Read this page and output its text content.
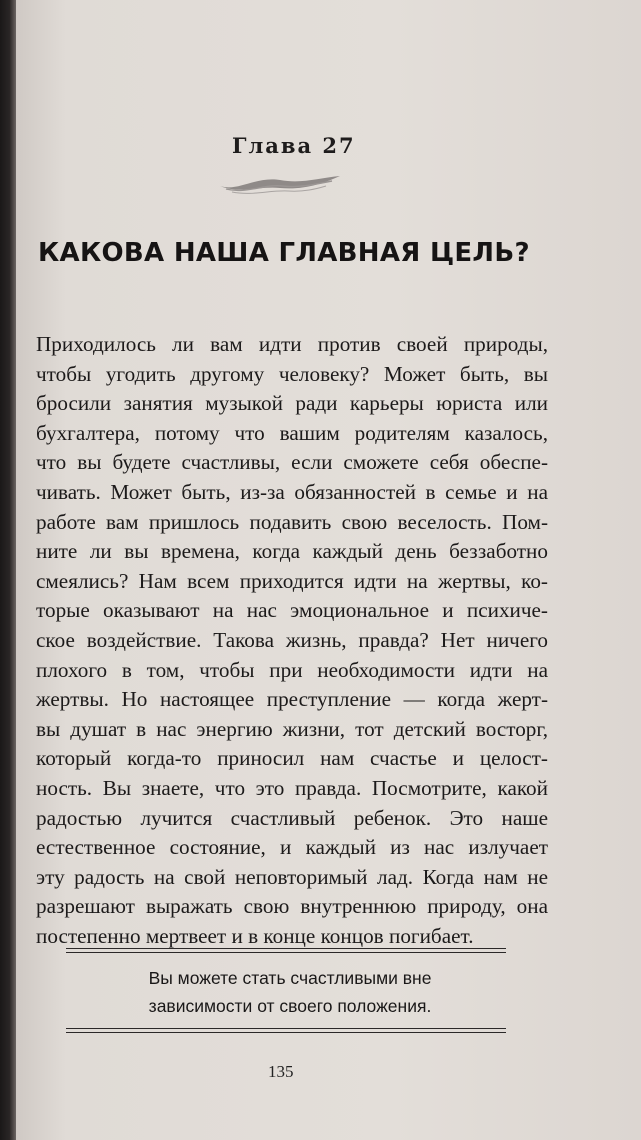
Глава 27
КАКОВА НАША ГЛАВНАЯ ЦЕЛЬ?
Приходилось ли вам идти против своей природы,
чтобы угодить другому человеку? Может быть, вы
бросили занятия музыкой ради карьеры юриста или
бухгалтера, потому что вашим родителям казалось,
что вы будете счастливы, если сможете себя обеспе-
чивать. Может быть, из-за обязанностей в семье и на
работе вам пришлось подавить свою веселость. Пом-
ните ли вы времена, когда каждый день беззаботно
смеялись? Нам всем приходится идти на жертвы, ко-
торые оказывают на нас эмоциональное и психиче-
ское воздействие. Такова жизнь, правда? Нет ничего
плохого в том, чтобы при необходимости идти на
жертвы. Но настоящее преступление — когда жерт-
вы душат в нас энергию жизни, тот детский восторг,
который когда-то приносил нам счастье и целост-
ность. Вы знаете, что это правда. Посмотрите, какой
радостью лучится счастливый ребенок. Это наше
естественное состояние, и каждый из нас излучает
эту радость на свой неповторимый лад. Когда нам не
разрешают выражать свою внутреннюю природу, она
постепенно мертвеет и в конце концов погибает.
Вы можете стать счастливыми вне
зависимости от своего положения.
135
